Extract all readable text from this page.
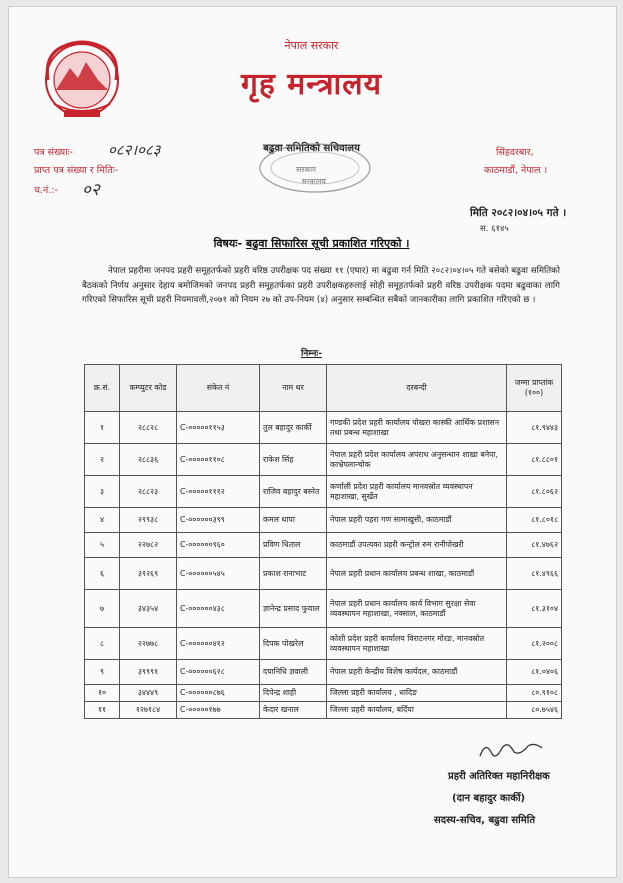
नेपाल सरकार
गृह मन्त्रालय
पत्र संख्याः- ०८२।०८३
प्राप्त पत्र संख्या र मितिः-
च.नं.:- ०२
बढुवा समितिको सचिवालय
सरकार
मन्त्रालय
सिंहदरबार,
काठमाडौं, नेपाल ।
मिति २०८२।०४।०५ गते ।
स. ६१४५
विषयः- बढुवा सिफारिस सूची प्रकाशित गरिएको ।
नेपाल प्रहरीमा जनपद प्रहरी समूहतर्फको प्रहरी वरिष्ठ उपरीक्षक पद संख्या ११ (एघार) मा बढुवा गर्न मिति २०८२।०४।०५ गते बसेको बढुवा समितिको बैठकको निर्णय अनुसार देहाय बमोजिमको जनपद प्रहरी समूहतर्फका प्रहरी उपरीक्षकहरुलाई सोही समूहतर्फको प्रहरी वरिष्ठ उपरीक्षक पदमा बढुवाका लागि गरिएको सिफारिस सूची प्रहरी नियमावली,२०७१ को नियम २७ को उप-नियम (४) अनुसार सम्बन्धित सबैको जानकारीका लागि प्रकाशित गरिएको छ ।
निम्नः-
क्र.सं.	कम्प्युटर कोड	संकेत नं	नाम थर	दरबन्दी	जम्मा प्राप्तांक (१००)
१	२८८२८	C-०००००११५३	तुल बहादुर कार्की	गण्डकी प्रदेश प्रहरी कार्यालय पोखरा कास्की आर्थिक प्रशासन तथा प्रबन्ध महाशाखा	८१.९४४३
२	२८८३६	C-०००००११०८	राकेश सिंह	नेपाल प्रहरी प्रदेश कार्यालय अपराध अनुसन्धान शाखा बनेपा, काभ्रेपलान्चोक	८१.८८०१
३	२८८२३	C-०००००१११२	राजिव बहादुर बस्नेत	कर्णाली प्रदेश प्रहरी कार्यालय मानवस्रोत व्यवस्थापन महाशाखा, सुर्खेत	८१.८०६२
४	२९९३८	C-००००००३९९	कमल थापा	नेपाल प्रहरी पहरा गण सामाखुसी, काठमाडौं	८१.८०१८
५	२२७८२	C-००००००९६०	प्रविण धिताल	काठमाडौं उपत्यका प्रहरी कन्ट्रोल रुम रानीपोखरी	८१.४७६२
६	३९२६९	C-००००००५४५	प्रकाश रानाभाट	नेपाल प्रहरी प्रधान कार्यालय प्रबन्ध शाखा, काठमाडौं	८१.४९६६
७	३४३५४	C-००००००४३८	ज्ञानेन्द्र प्रसाद फुयाल	नेपाल प्रहरी प्रधान कार्यालय कार्य विभाग सुरक्षा सेवा व्यवस्थापन महाशाखा, नक्साल, काठमाडौं	८१.३१०४
८	२२७७८	C-००००००४१२	दिपक पोखरेल	कोशी प्रदेश प्रहरी कार्यालय विराटनगर मोरङ, मानवस्रोत व्यवस्थापन महाशाखा	८१.२००८
९	३९९९१	C-००००००६२८	दयानिधि ज्ञवाली	नेपाल प्रहरी केन्द्रीय विशेष कार्यदल, काठमाडौं	८१.०४०६
१०	३४४४९	C-००००००८७६	दिपेन्द्र शाही	जिल्ला प्रहरी कार्यालय , धादिङ	८०.९१०८
११	१२७१८४	C-०००००१७७	केदार खनाल	जिल्ला प्रहरी कार्यालय, बर्दिया	८०.७५४६
प्रहरी अतिरिक्त महानिरीक्षक
(दान बहादुर कार्की)
सदस्य-सचिव, बढुवा समिति
